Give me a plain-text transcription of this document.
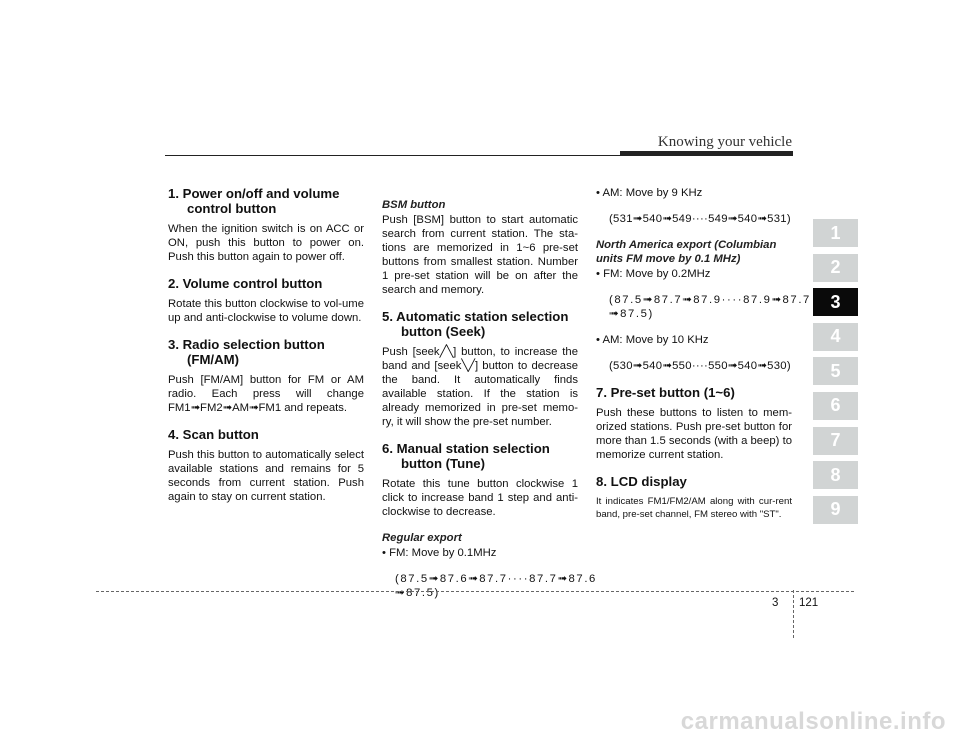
Knowing your vehicle
1
2
3
4
5
6
7
8
9
1. Power on/off and volume
control button

When the ignition switch is on ACC or ON, push this button to power on. Push this button again to power off.

2. Volume control button

Rotate this button clockwise to vol-ume up and anti-clockwise to volume down.

3. Radio selection button
(FM/AM)

Push [FM/AM] button for FM or AM radio. Each press will change FM1➟FM2➟AM➟FM1 and repeats.

4. Scan button

Push this button to automatically select available stations and remains for 5 seconds from current station. Push again to stay on current station.

BSM button

Push [BSM] button to start automatic search from current station. The sta-tions are memorized in 1~6 pre-set buttons from smallest station. Number 1 pre-set station will be on after the search and memory.

5. Automatic station selection
button (Seek)

Push [seek╱╲] button, to increase the band and [seek╲╱] button to decrease the band. It automatically finds available station. If the station is already memorized in pre-set memo-ry, it will show the pre-set number.

6. Manual station selection
button (Tune)

Rotate this tune button clockwise 1 click to increase band 1 step and anti-clockwise to decrease.

Regular export

• FM: Move by 0.1MHz

(87.5➟87.6➟87.7····87.7➟87.6 ➟87.5)

• AM: Move by 9 KHz

(531➟540➟549····549➟540➟531)

North America export (Columbian units FM move by 0.1 MHz)

• FM: Move by 0.2MHz

(87.5➟87.7➟87.9····87.9➟87.7 ➟87.5)

• AM: Move by 10 KHz

(530➟540➟550····550➟540➟530)

7. Pre-set button (1~6)

Push these buttons to listen to mem-orized stations. Push pre-set button for more than 1.5 seconds (with a beep) to memorize current station.

8. LCD display

It indicates FM1/FM2/AM along with cur-rent band, pre-set channel, FM stereo with "ST".

3 121
carmanualsonline.info
